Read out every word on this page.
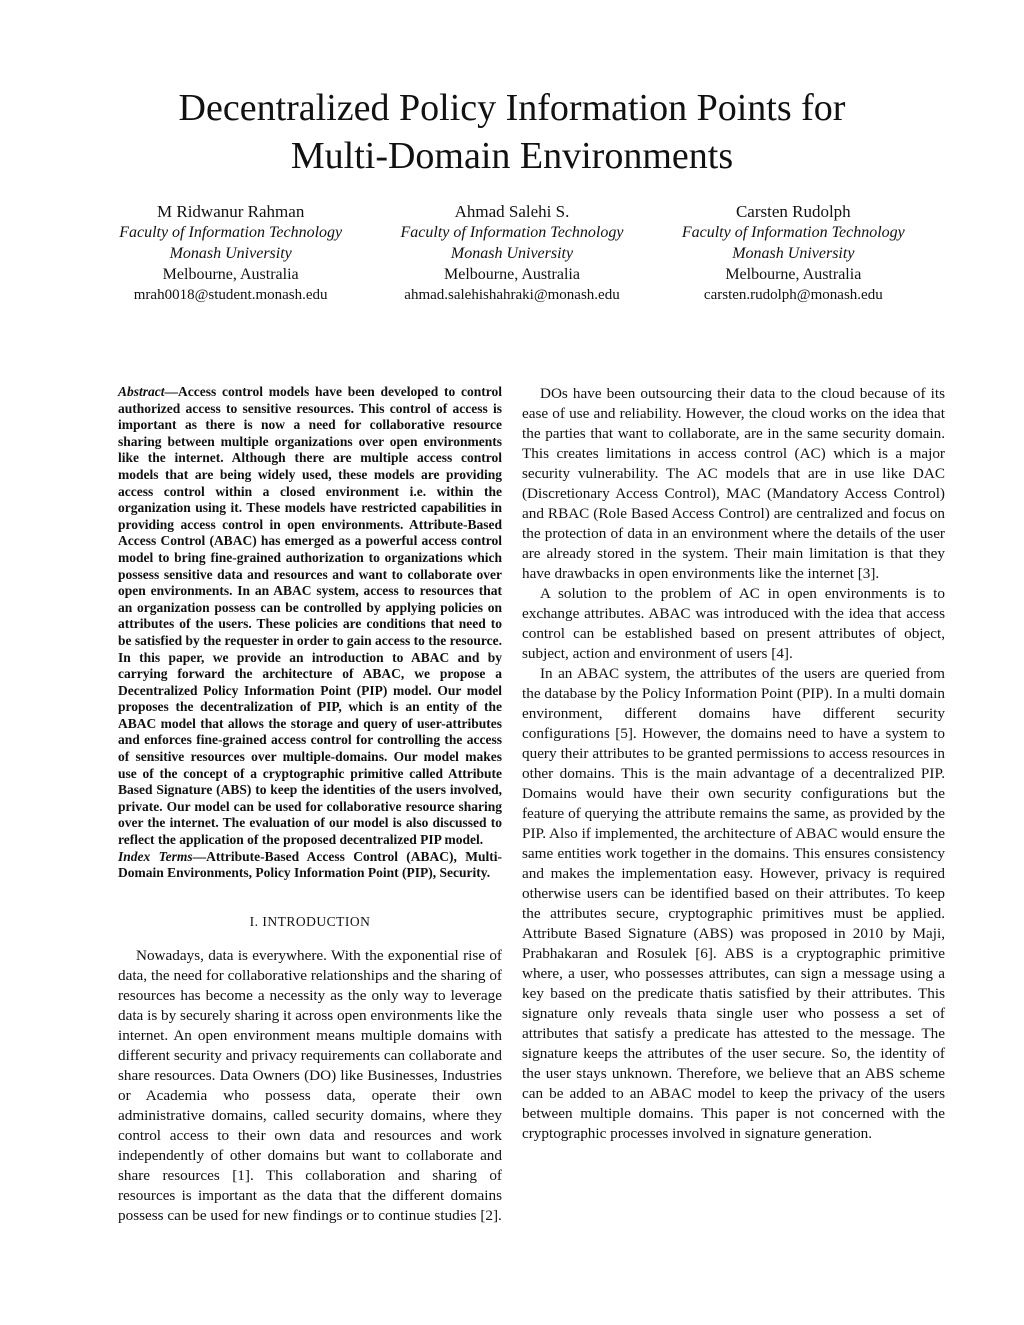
Decentralized Policy Information Points for
Multi-Domain Environments
M Ridwanur Rahman
Faculty of Information Technology
Monash University
Melbourne, Australia
mrah0018@student.monash.edu
Ahmad Salehi S.
Faculty of Information Technology
Monash University
Melbourne, Australia
ahmad.salehishahraki@monash.edu
Carsten Rudolph
Faculty of Information Technology
Monash University
Melbourne, Australia
carsten.rudolph@monash.edu

Abstract—Access control models have been developed to control authorized access to sensitive resources. This control of access is important as there is now a need for collaborative resource sharing between multiple organizations over open environments like the internet. Although there are multiple access control models that are being widely used, these models are providing access control within a closed environment i.e. within the organization using it. These models have restricted capabilities in providing access control in open environments. Attribute-Based Access Control (ABAC) has emerged as a powerful access control model to bring fine-grained authorization to organizations which possess sensitive data and resources and want to collaborate over open environments. In an ABAC system, access to resources that an organization possess can be controlled by applying policies on attributes of the users. These policies are conditions that need to be satisfied by the requester in order to gain access to the resource. In this paper, we provide an introduction to ABAC and by carrying forward the architecture of ABAC, we propose a Decentralized Policy Information Point (PIP) model. Our model proposes the decentralization of PIP, which is an entity of the ABAC model that allows the storage and query of user-attributes and enforces fine-grained access control for controlling the access of sensitive resources over multiple-domains. Our model makes use of the concept of a cryptographic primitive called Attribute Based Signature (ABS) to keep the identities of the users involved, private. Our model can be used for collaborative resource sharing over the internet. The evaluation of our model is also discussed to reflect the application of the proposed decentralized PIP model.

Index Terms—Attribute-Based Access Control (ABAC), Multi-Domain Environments, Policy Information Point (PIP), Security.

I. INTRODUCTION

Nowadays, data is everywhere. With the exponential rise of data, the need for collaborative relationships and the sharing of resources has become a necessity as the only way to leverage data is by securely sharing it across open environments like the internet. An open environment means multiple domains with different security and privacy requirements can collaborate and share resources. Data Owners (DO) like Businesses, Industries or Academia who possess data, operate their own administrative domains, called security domains, where they control access to their own data and resources and work independently of other domains but want to collaborate and share resources [1]. This collaboration and sharing of resources is important as the data that the different domains possess can be used for new findings or to continue studies [2].

DOs have been outsourcing their data to the cloud because of its ease of use and reliability. However, the cloud works on the idea that the parties that want to collaborate, are in the same security domain. This creates limitations in access control (AC) which is a major security vulnerability. The AC models that are in use like DAC (Discretionary Access Control), MAC (Mandatory Access Control) and RBAC (Role Based Access Control) are centralized and focus on the protection of data in an environment where the details of the user are already stored in the system. Their main limitation is that they have drawbacks in open environments like the internet [3].

A solution to the problem of AC in open environments is to exchange attributes. ABAC was introduced with the idea that access control can be established based on present attributes of object, subject, action and environment of users [4].

In an ABAC system, the attributes of the users are queried from the database by the Policy Information Point (PIP). In a multi domain environment, different domains have different security configurations [5]. However, the domains need to have a system to query their attributes to be granted permissions to access resources in other domains. This is the main advantage of a decentralized PIP. Domains would have their own security configurations but the feature of querying the attribute remains the same, as provided by the PIP. Also if implemented, the architecture of ABAC would ensure the same entities work together in the domains. This ensures consistency and makes the implementation easy. However, privacy is required otherwise users can be identified based on their attributes. To keep the attributes secure, cryptographic primitives must be applied. Attribute Based Signature (ABS) was proposed in 2010 by Maji, Prabhakaran and Rosulek [6]. ABS is a cryptographic primitive where, a user, who possesses attributes, can sign a message using a key based on the predicate thatis satisfied by their attributes. This signature only reveals thata single user who possess a set of attributes that satisfy a predicate has attested to the message. The signature keeps the attributes of the user secure. So, the identity of the user stays unknown. Therefore, we believe that an ABS scheme can be added to an ABAC model to keep the privacy of the users between multiple domains. This paper is not concerned with the cryptographic processes involved in signature generation.
